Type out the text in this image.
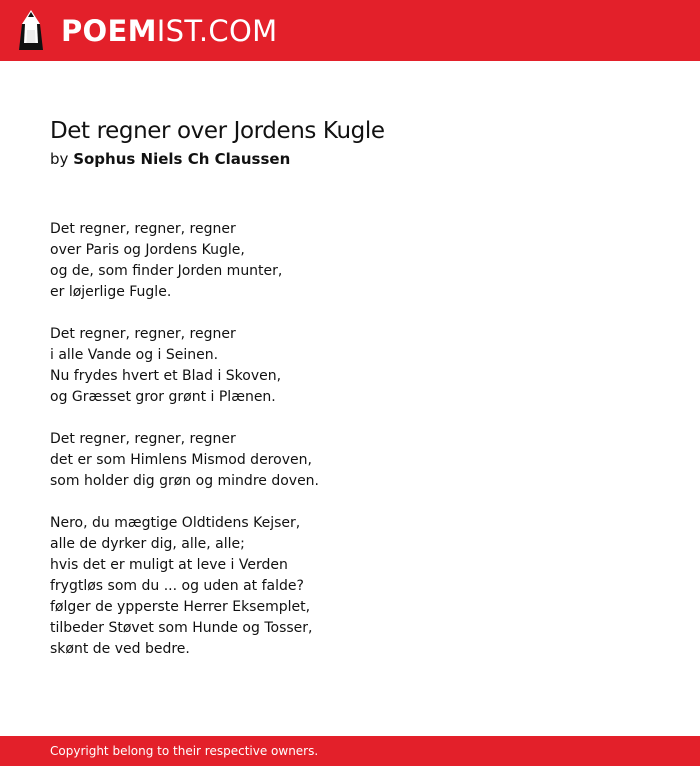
POEMIST.COM
Det regner over Jordens Kugle

by Sophus Niels Ch Claussen

Det regner, regner, regner
over Paris og Jordens Kugle,
og de, som finder Jorden munter,
er løjerlige Fugle.
Det regner, regner, regner
i alle Vande og i Seinen.
Nu frydes hvert et Blad i Skoven,
og Græsset gror grønt i Plænen.
Det regner, regner, regner
det er som Himlens Mismod deroven,
som holder dig grøn og mindre doven.
Nero, du mægtige Oldtidens Kejser,
alle de dyrker dig, alle, alle;
hvis det er muligt at leve i Verden
frygtløs som du ... og uden at falde?
følger de ypperste Herrer Eksemplet,
tilbeder Støvet som Hunde og Tosser,
skønt de ved bedre.
Copyright belong to their respective owners.
